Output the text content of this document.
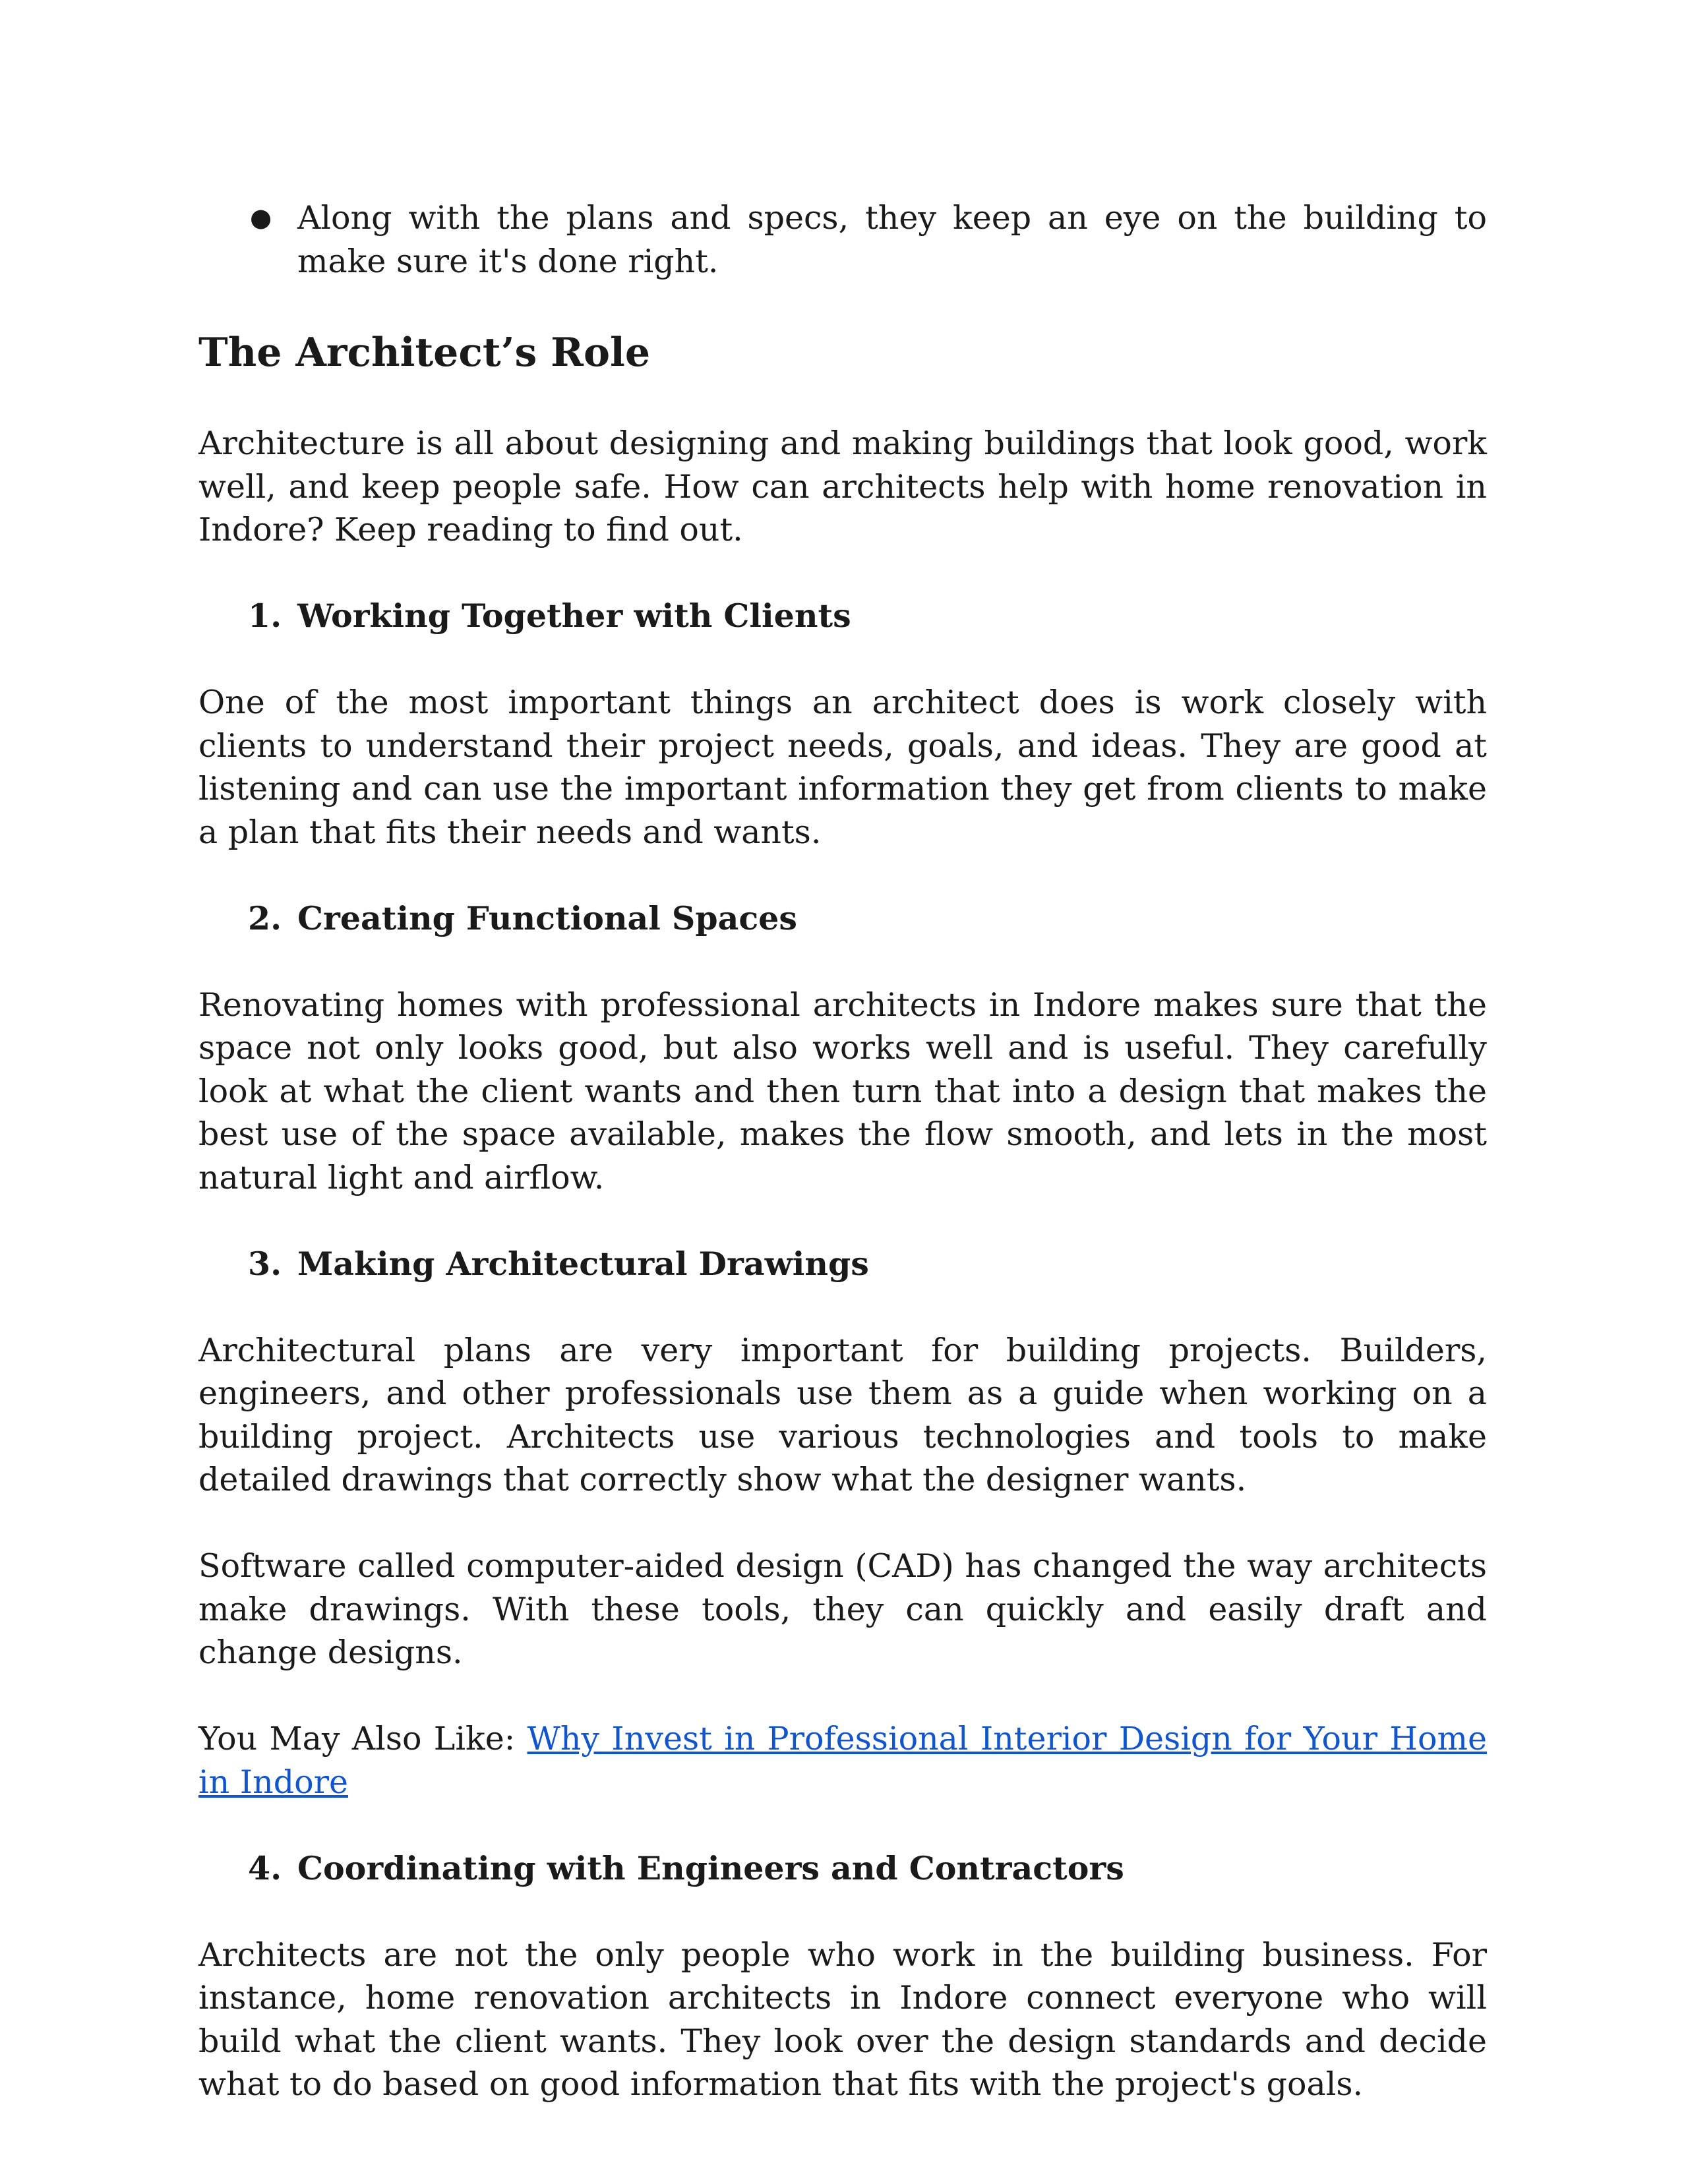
● Along with the plans and specs, they keep an eye on the building to make sure it's done right.
The Architect’s Role

Architecture is all about designing and making buildings that look good, work well, and keep people safe. How can architects help with home renovation in Indore? Keep reading to find out.

1. Working Together with Clients

One of the most important things an architect does is work closely with clients to understand their project needs, goals, and ideas. They are good at listening and can use the important information they get from clients to make a plan that fits their needs and wants.

2. Creating Functional Spaces

Renovating homes with professional architects in Indore makes sure that the space not only looks good, but also works well and is useful. They carefully look at what the client wants and then turn that into a design that makes the best use of the space available, makes the flow smooth, and lets in the most natural light and airflow.

3. Making Architectural Drawings

Architectural plans are very important for building projects. Builders, engineers, and other professionals use them as a guide when working on a building project. Architects use various technologies and tools to make detailed drawings that correctly show what the designer wants.

Software called computer-aided design (CAD) has changed the way architects make drawings. With these tools, they can quickly and easily draft and change designs.

You May Also Like: Why Invest in Professional Interior Design for Your Home in Indore

4. Coordinating with Engineers and Contractors

Architects are not the only people who work in the building business. For instance, home renovation architects in Indore connect everyone who will build what the client wants. They look over the design standards and decide what to do based on good information that fits with the project's goals.
